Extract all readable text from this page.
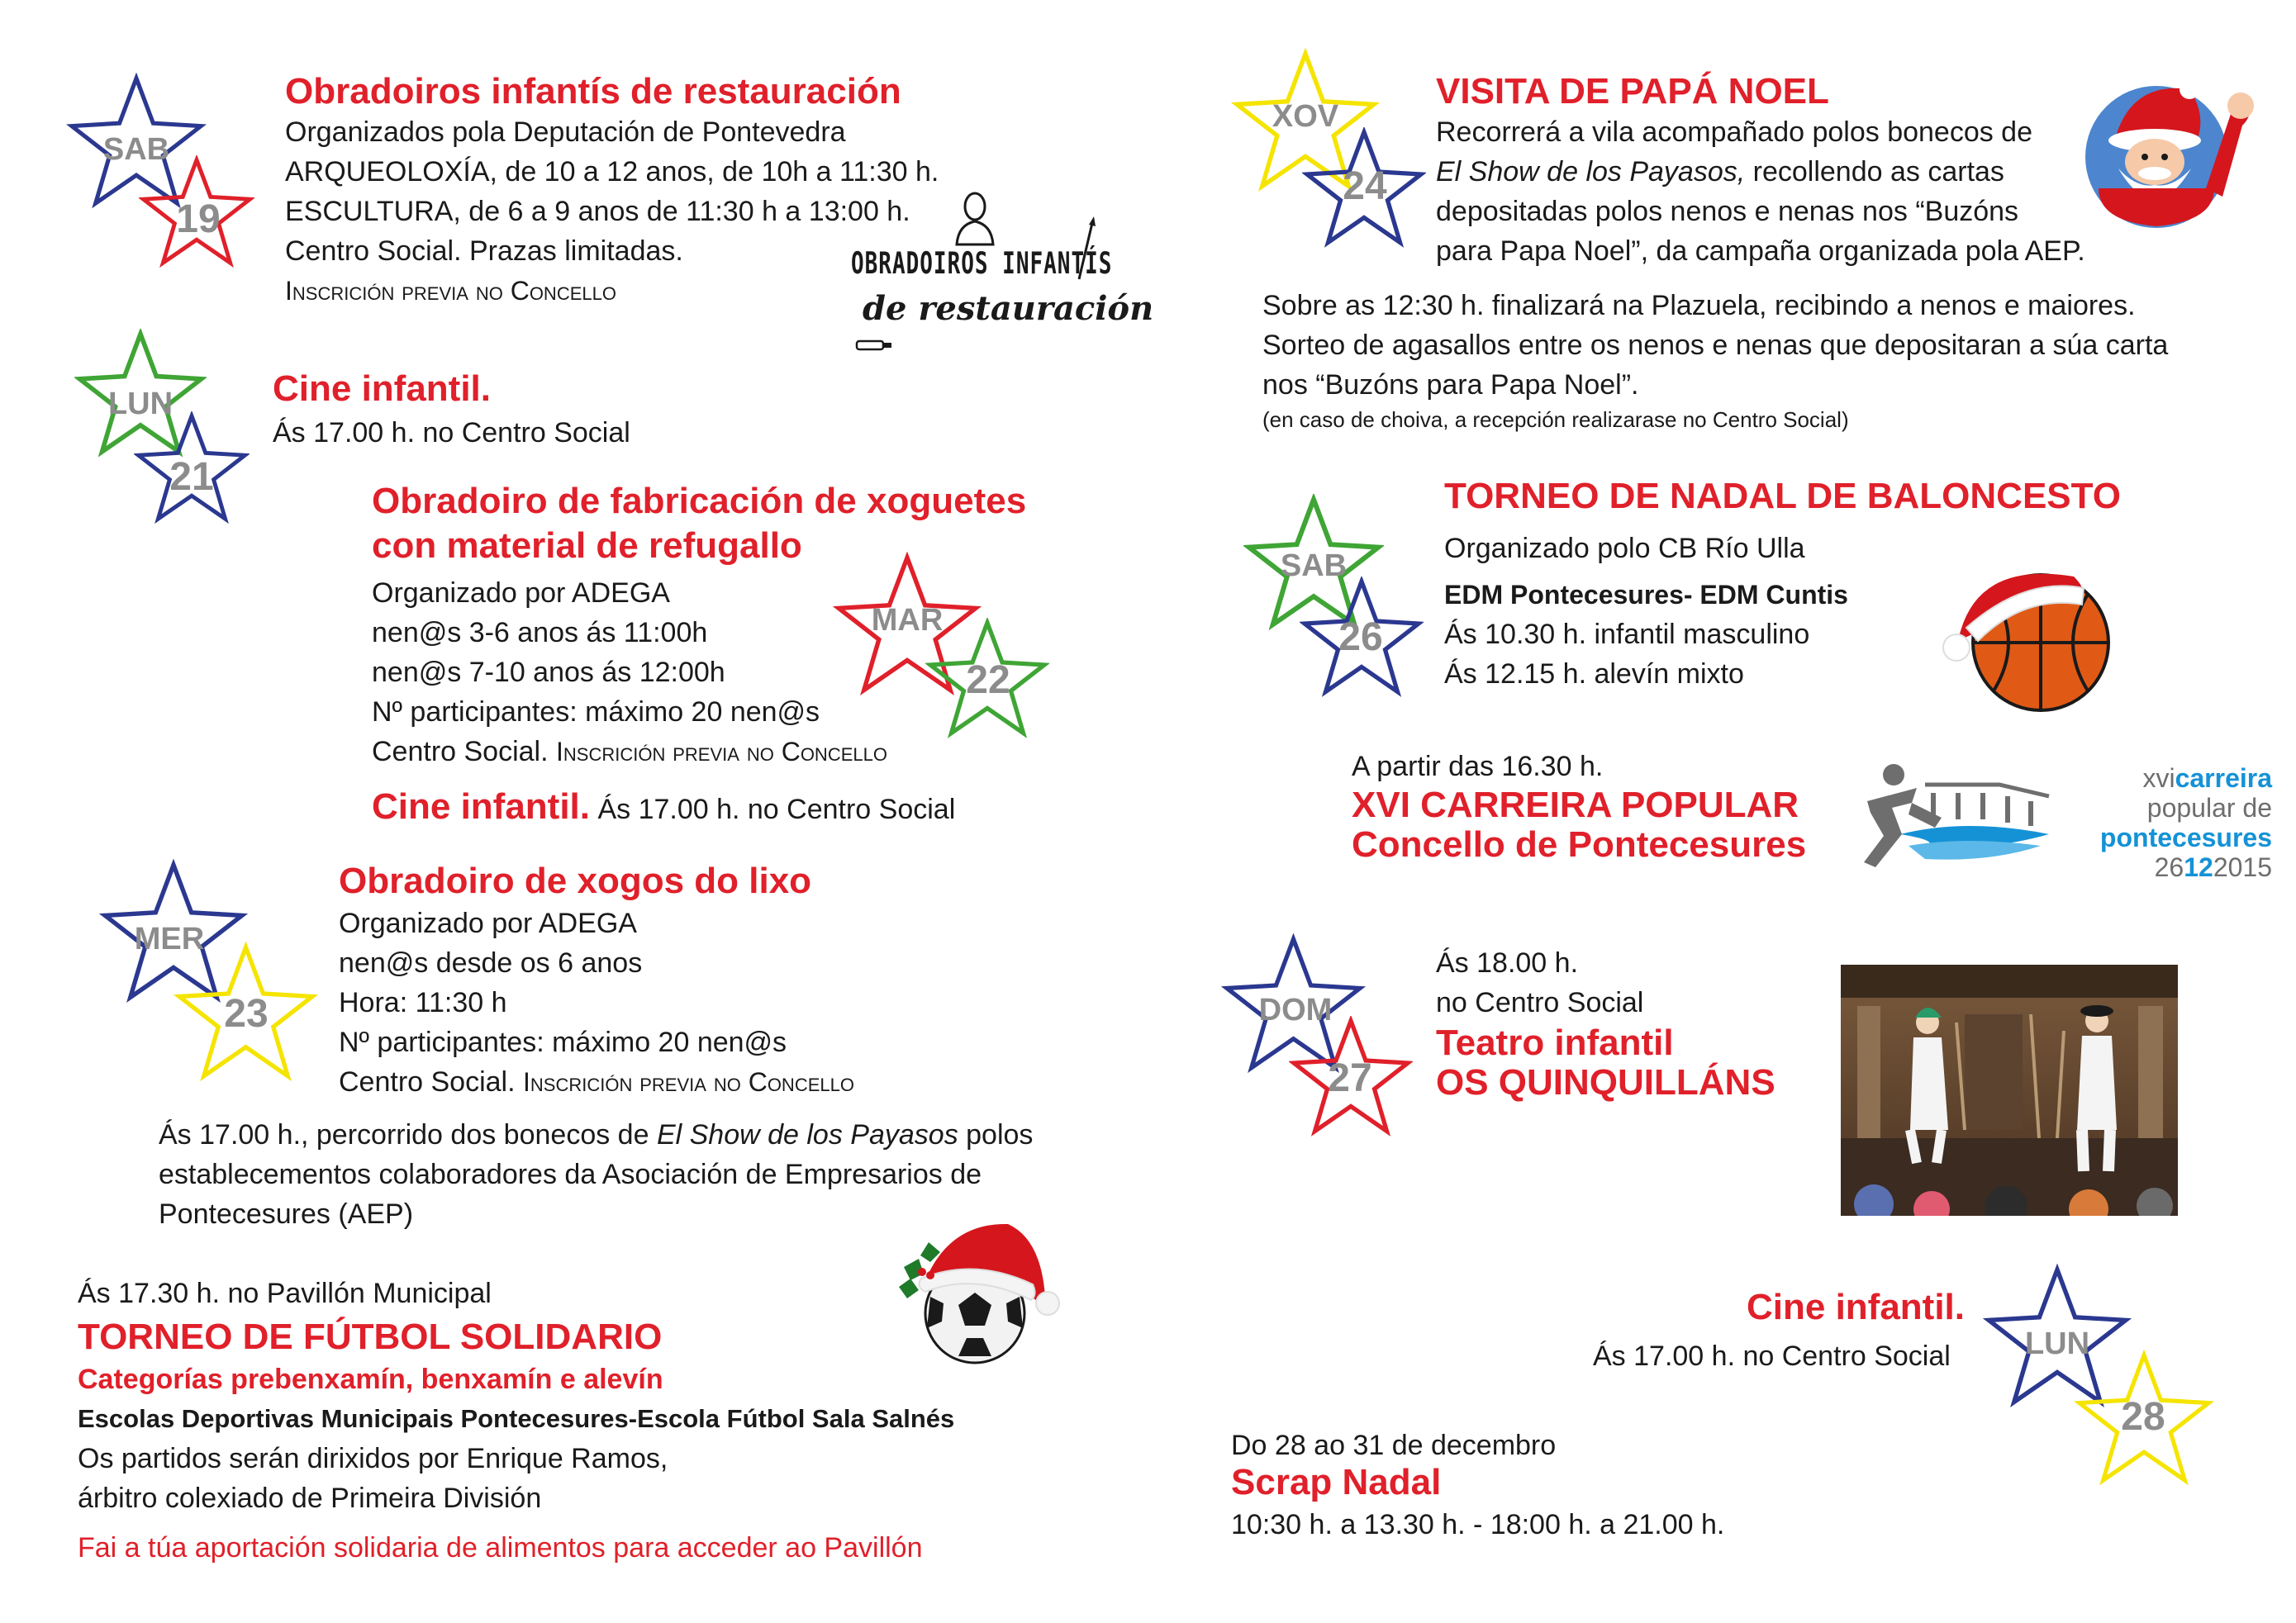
SAB
19
Obradoiros infantís de restauración
Organizados pola Deputación de Pontevedra
ARQUEOLOXÍA, de 10 a 12 anos, de 10h a 11:30 h.
ESCULTURA, de 6 a 9 anos de 11:30 h a 13:00 h.
Centro Social. Prazas limitadas.
Inscrición previa no Concello
OBRADOIROS INFANTÍS
de restauración
LUN
21
Cine infantil.
Ás 17.00 h. no Centro Social
Obradoiro de fabricación de xoguetes
con material de refugallo
Organizado por ADEGA
nen@s 3-6 anos ás 11:00h
nen@s 7-10 anos ás 12:00h
Nº participantes: máximo 20 nen@s
Centro Social. Inscrición previa no Concello
MAR
22
Cine infantil. Ás 17.00 h. no Centro Social
MER
23
Obradoiro de xogos do lixo
Organizado por ADEGA
nen@s desde os 6 anos
Hora: 11:30 h
Nº participantes: máximo 20 nen@s
Centro Social. Inscrición previa no Concello
Ás 17.00 h., percorrido dos bonecos de El Show de los Payasos polos
establecementos colaboradores da Asociación de Empresarios de
Pontecesures (AEP)
Ás 17.30 h. no Pavillón Municipal
TORNEO DE FÚTBOL SOLIDARIO
Categorías prebenxamín, benxamín e alevín
Escolas Deportivas Municipais Pontecesures-Escola Fútbol Sala Salnés
Os partidos serán dirixidos por Enrique Ramos,
árbitro colexiado de Primeira División
Fai a túa aportación solidaria de alimentos para acceder ao Pavillón
XOV
24
VISITA DE PAPÁ NOEL
Recorrerá a vila acompañado polos bonecos de
El Show de los Payasos, recollendo as cartas
depositadas polos nenos e nenas nos “Buzóns
para Papa Noel”, da campaña organizada pola AEP.
Sobre as 12:30 h. finalizará na Plazuela, recibindo a nenos e maiores.
Sorteo de agasallos entre os nenos e nenas que depositaran a súa carta
nos “Buzóns para Papa Noel”.
(en caso de choiva, a recepción realizarase no Centro Social)
SAB
26
TORNEO DE NADAL DE BALONCESTO
Organizado polo CB Río Ulla
EDM Pontecesures- EDM Cuntis
Ás 10.30 h. infantil masculino
Ás 12.15 h. alevín mixto
A partir das 16.30 h.
XVI CARREIRA POPULAR
Concello de Pontecesures
xvicarreira
popular de
pontecesures
26122015
DOM
27
Ás 18.00 h.
no Centro Social
Teatro infantil
OS QUINQUILLÁNS
Cine infantil.
Ás 17.00 h. no Centro Social	LUN
28
Do 28 ao 31 de decembro
Scrap Nadal
10:30 h. a 13.30 h. - 18:00 h. a 21.00 h.
